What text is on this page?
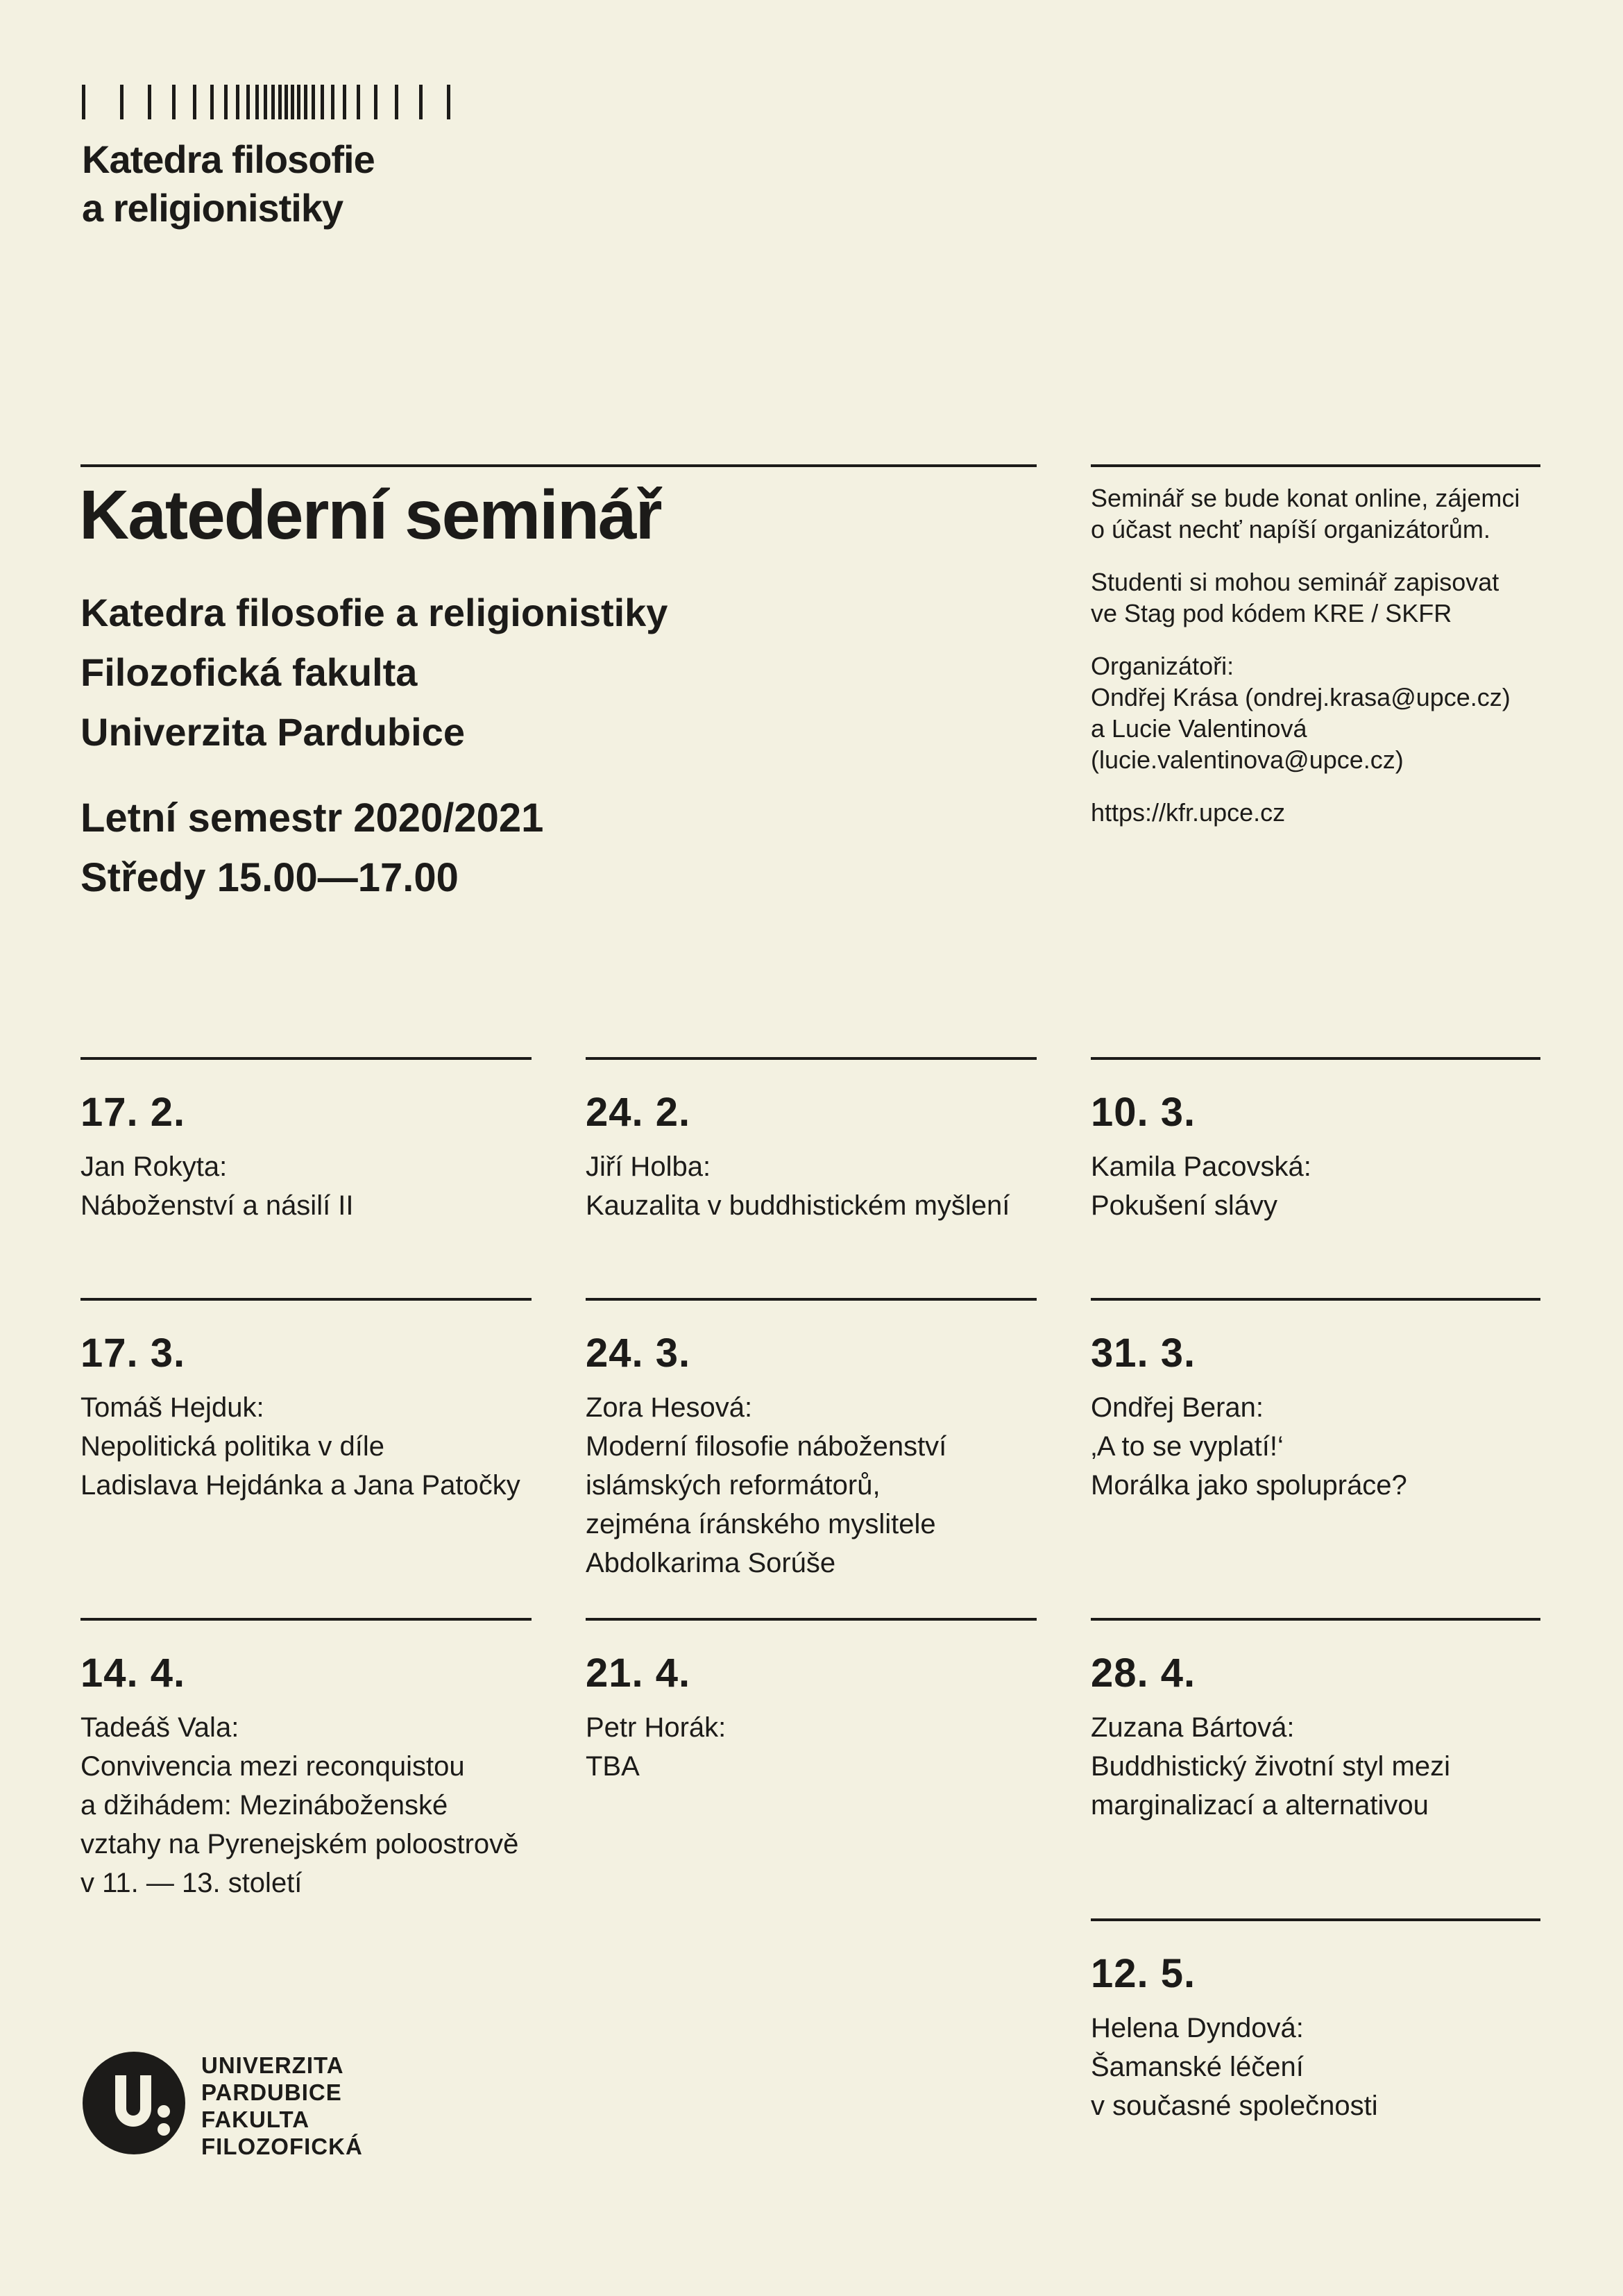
Katedra filosofie
a religionistiky
Katederní seminář
Katedra filosofie a religionistiky
Filozofická fakulta
Univerzita Pardubice
Letní semestr 2020/2021
Středy 15.00—17.00

Seminář se bude konat online, zájemci
o účast nechť napíší organizátorům.

Studenti si mohou seminář zapisovat
ve Stag pod kódem KRE / SKFR

Organizátoři:
Ondřej Krása (ondrej.krasa@upce.cz)
a Lucie Valentinová
(lucie.valentinova@upce.cz)

https://kfr.upce.cz

17. 2.
Jan Rokyta:
Náboženství a násilí II
24. 2.
Jiří Holba:
Kauzalita v buddhistickém myšlení
10. 3.
Kamila Pacovská:
Pokušení slávy
17. 3.
Tomáš Hejduk:
Nepolitická politika v díle
Ladislava Hejdánka a Jana Patočky
24. 3.
Zora Hesová:
Moderní filosofie náboženství
islámských reformátorů,
zejména íránského myslitele
Abdolkarima Sorúše
31. 3.
Ondřej Beran:
‚A to se vyplatí!‘
Morálka jako spolupráce?
14. 4.
Tadeáš Vala:
Convivencia mezi reconquistou
a džihádem: Mezináboženské
vztahy na Pyrenejském poloostrově
v 11. — 13. století
21. 4.
Petr Horák:
TBA
28. 4.
Zuzana Bártová:
Buddhistický životní styl mezi
marginalizací a alternativou
12. 5.
Helena Dyndová:
Šamanské léčení
v současné společnosti
UNIVERZITA
PARDUBICE
FAKULTA
FILOZOFICKÁ
